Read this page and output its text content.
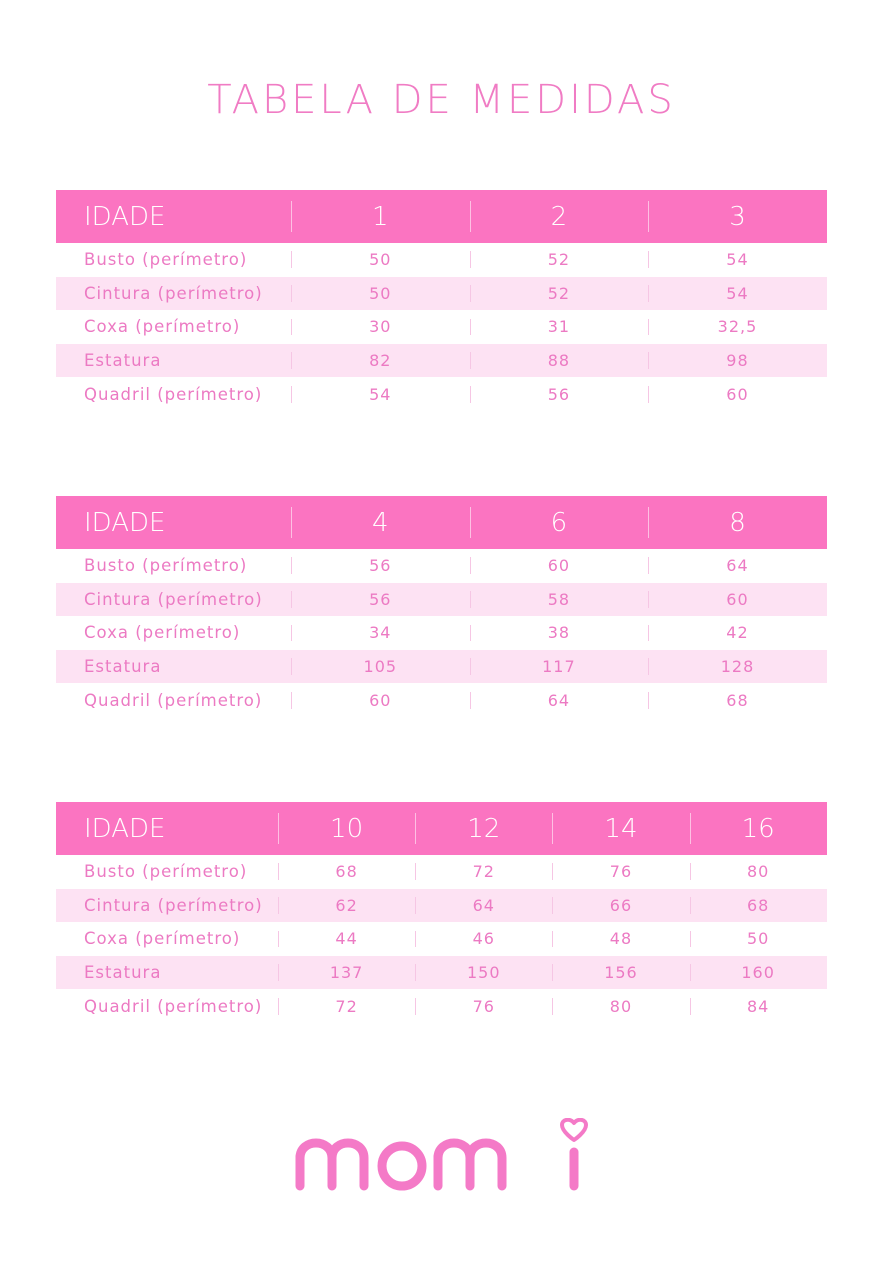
TABELA DE MEDIDAS
IDADE	1	2	3
Busto (perímetro)	50	52	54
Cintura (perímetro)	50	52	54
Coxa (perímetro)	30	31	32,5
Estatura	82	88	98
Quadril (perímetro)	54	56	60
IDADE	4	6	8
Busto (perímetro)	56	60	64
Cintura (perímetro)	56	58	60
Coxa (perímetro)	34	38	42
Estatura	105	117	128
Quadril (perímetro)	60	64	68
IDADE	10	12	14	16
Busto (perímetro)	68	72	76	80
Cintura (perímetro)	62	64	66	68
Coxa (perímetro)	44	46	48	50
Estatura	137	150	156	160
Quadril (perímetro)	72	76	80	84
